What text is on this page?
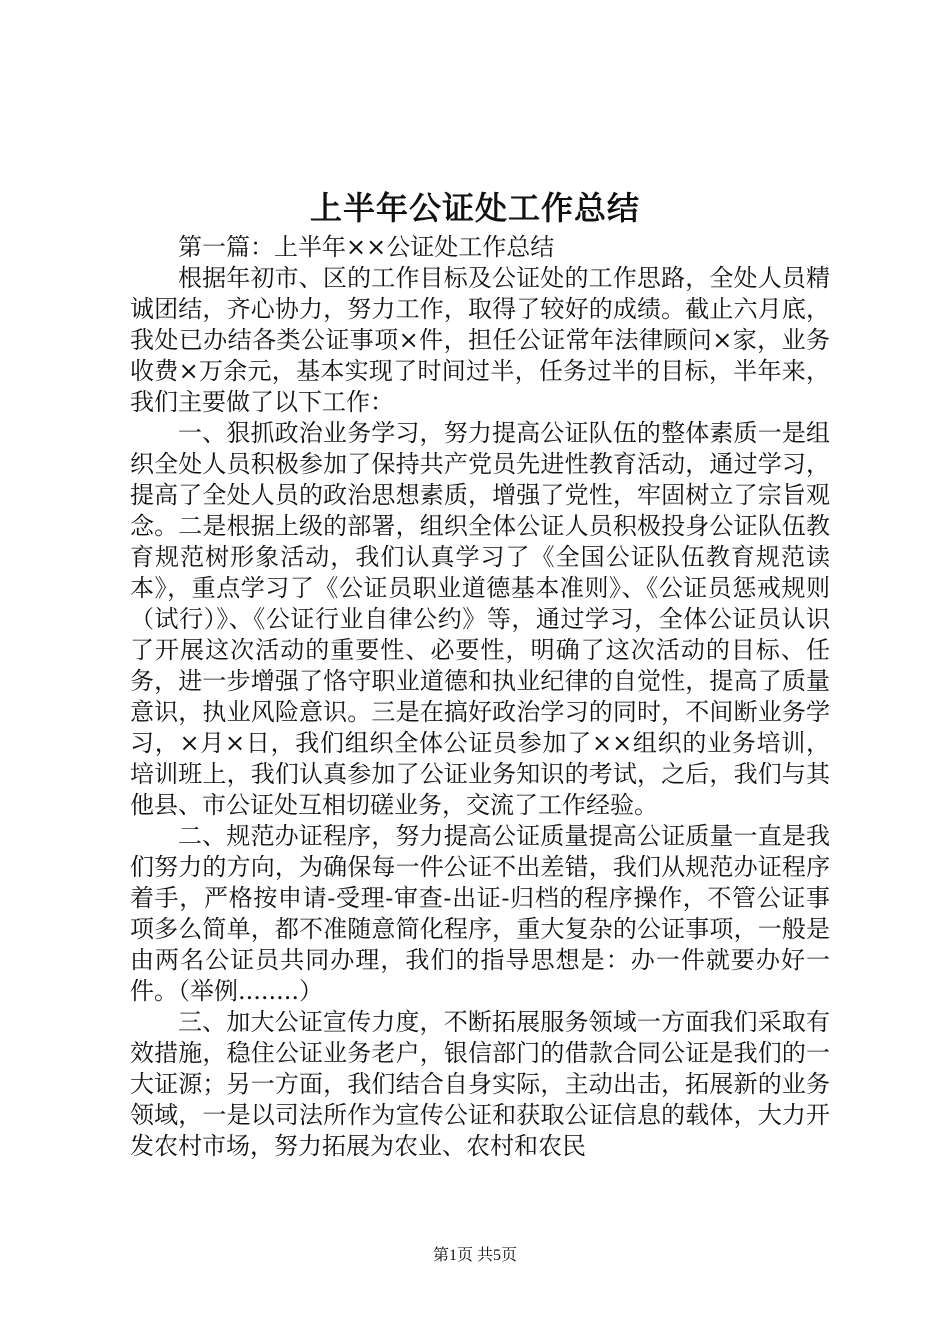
上半年公证处工作总结

第一篇：上半年××公证处工作总结

根据年初市、区的工作目标及公证处的工作思路，全处人员精诚团结，齐心协力，努力工作，取得了较好的成绩。截止六月底，我处已办结各类公证事项×件，担任公证常年法律顾问×家，业务收费×万余元，基本实现了时间过半，任务过半的目标，半年来，我们主要做了以下工作：

一、狠抓政治业务学习，努力提高公证队伍的整体素质一是组织全处人员积极参加了保持共产党员先进性教育活动，通过学习，提高了全处人员的政治思想素质，增强了党性，牢固树立了宗旨观念。二是根据上级的部署，组织全体公证人员积极投身公证队伍教育规范树形象活动，我们认真学习了《全国公证队伍教育规范读本》，重点学习了《公证员职业道德基本准则》、《公证员惩戒规则（试行）》、《公证行业自律公约》等，通过学习，全体公证员认识了开展这次活动的重要性、必要性，明确了这次活动的目标、任务，进一步增强了恪守职业道德和执业纪律的自觉性，提高了质量意识，执业风险意识。三是在搞好政治学习的同时，不间断业务学习，×月×日，我们组织全体公证员参加了××组织的业务培训，培训班上，我们认真参加了公证业务知识的考试，之后，我们与其他县、市公证处互相切磋业务，交流了工作经验。

二、规范办证程序，努力提高公证质量提高公证质量一直是我们努力的方向，为确保每一件公证不出差错，我们从规范办证程序着手，严格按申请-受理-审查-出证-归档的程序操作，不管公证事项多么简单，都不准随意简化程序，重大复杂的公证事项，一般是由两名公证员共同办理，我们的指导思想是：办一件就要办好一件。（举例........）

三、加大公证宣传力度，不断拓展服务领域一方面我们采取有效措施，稳住公证业务老户，银信部门的借款合同公证是我们的一大证源；另一方面，我们结合自身实际，主动出击，拓展新的业务领域，一是以司法所作为宣传公证和获取公证信息的载体，大力开发农村市场，努力拓展为农业、农村和农民

第1页 共5页
